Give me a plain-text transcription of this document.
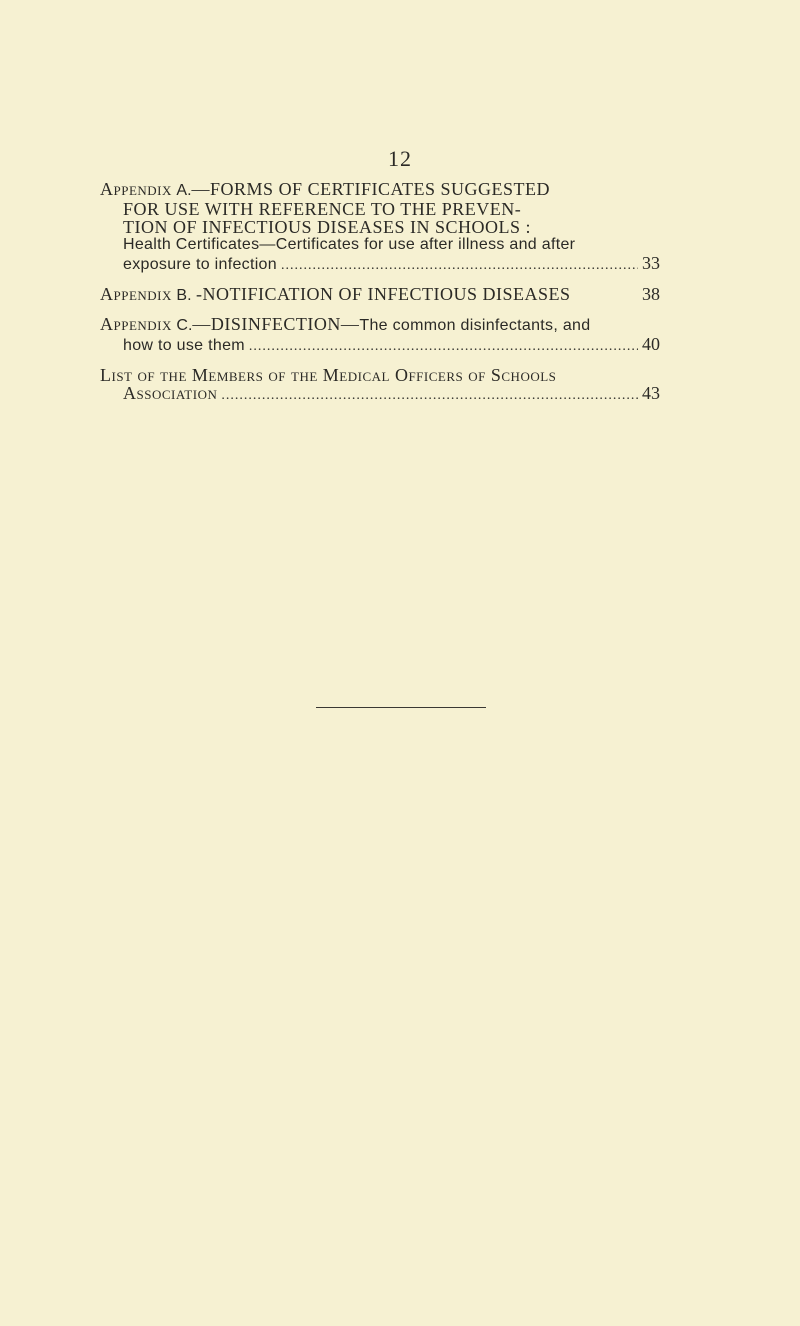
12
Appendix A.—FORMS OF CERTIFICATES SUGGESTED
FOR USE WITH REFERENCE TO THE PREVEN-
TION OF INFECTIOUS DISEASES IN SCHOOLS :
Health Certificates—Certificates for use after illness and after
exposure to infection .....	33
Appendix B. -NOTIFICATION OF INFECTIOUS DISEASES	38
Appendix C.—DISINFECTION—The common disinfectants, and
how to use them .....	40
List of the Members of the Medical Officers of Schools
Association .....	43
